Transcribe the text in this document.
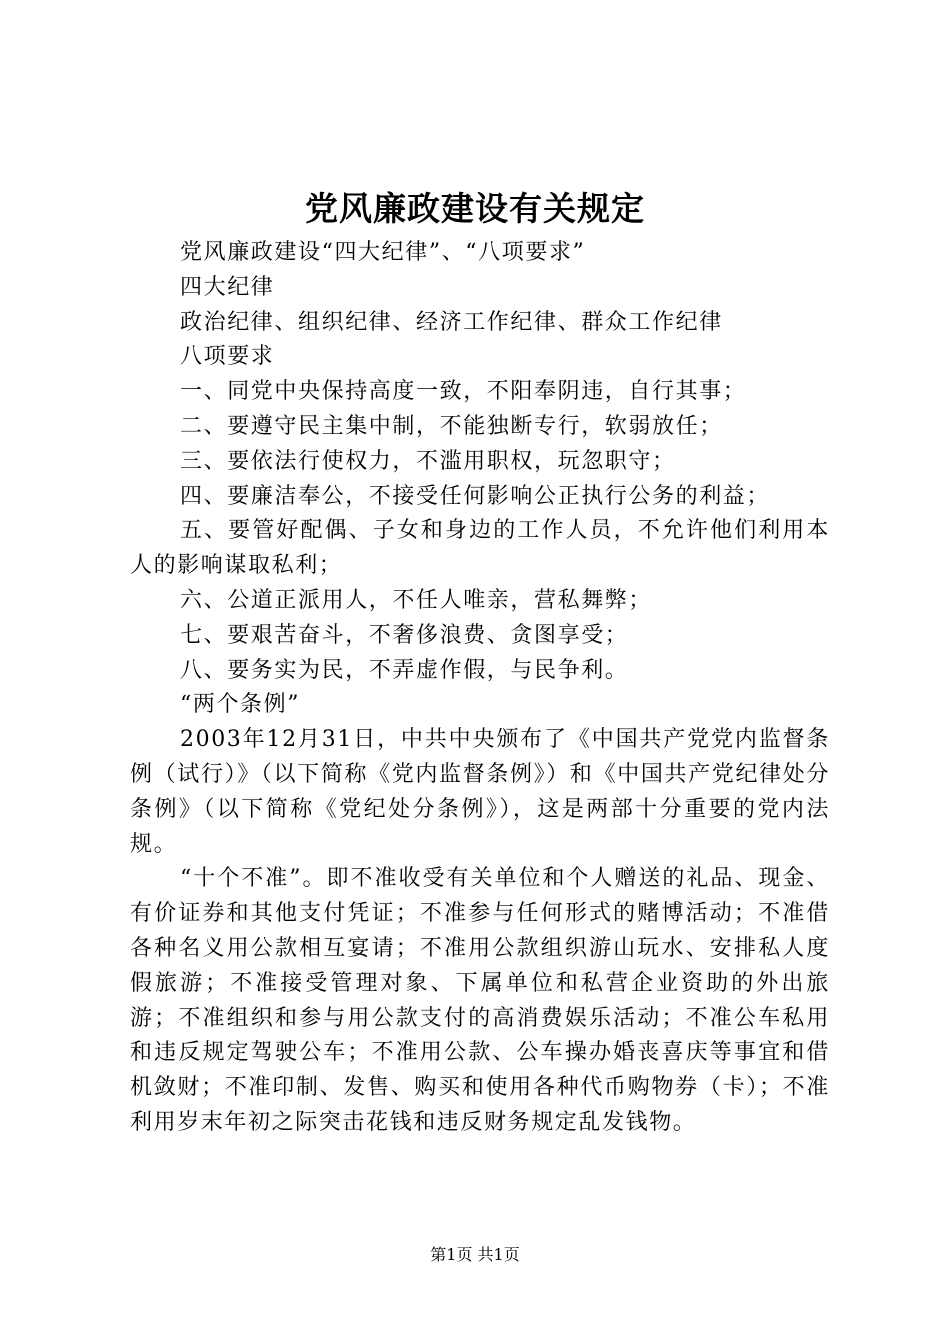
党风廉政建设有关规定

党风廉政建设“四大纪律”、“八项要求”

四大纪律

政治纪律、组织纪律、经济工作纪律、群众工作纪律

八项要求

一、同党中央保持高度一致，不阳奉阴违，自行其事；

二、要遵守民主集中制，不能独断专行，软弱放任；

三、要依法行使权力，不滥用职权，玩忽职守；

四、要廉洁奉公，不接受任何影响公正执行公务的利益；

五、要管好配偶、子女和身边的工作人员，不允许他们利用本人的影响谋取私利；

六、公道正派用人，不任人唯亲，营私舞弊；

七、要艰苦奋斗，不奢侈浪费、贪图享受；

八、要务实为民，不弄虚作假，与民争利。

“两个条例”

2003年12月31日，中共中央颁布了《中国共产党党内监督条例（试行）》（以下简称《党内监督条例》）和《中国共产党纪律处分条例》（以下简称《党纪处分条例》），这是两部十分重要的党内法规。

“十个不准”。即不准收受有关单位和个人赠送的礼品、现金、有价证券和其他支付凭证；不准参与任何形式的赌博活动；不准借各种名义用公款相互宴请；不准用公款组织游山玩水、安排私人度假旅游；不准接受管理对象、下属单位和私营企业资助的外出旅游；不准组织和参与用公款支付的高消费娱乐活动；不准公车私用和违反规定驾驶公车；不准用公款、公车操办婚丧喜庆等事宜和借机敛财；不准印制、发售、购买和使用各种代币购物券（卡）；不准利用岁末年初之际突击花钱和违反财务规定乱发钱物。

第1页 共1页
